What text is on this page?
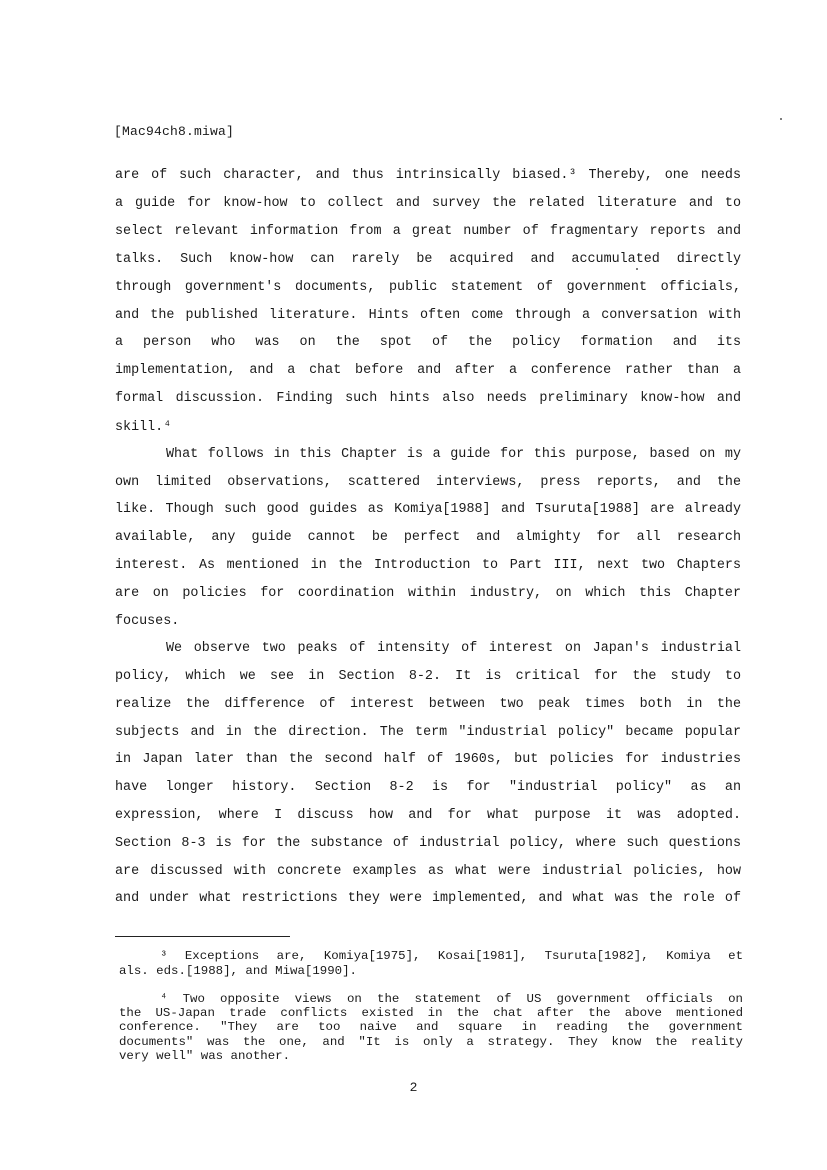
[Mac94ch8.miwa]
are of such character, and thus intrinsically biased.³ Thereby, one needs
a guide for know-how to collect and survey the related literature and to
select relevant information from a great number of fragmentary reports and
talks. Such know-how can rarely be acquired and accumulated directly
through government's documents, public statement of government officials,
and the published literature. Hints often come through a conversation with
a person who was on the spot of the policy formation and its
implementation, and a chat before and after a conference rather than a
formal discussion. Finding such hints also needs preliminary know-how and
skill.⁴
What follows in this Chapter is a guide for this purpose, based on my
own limited observations, scattered interviews, press reports, and the
like. Though such good guides as Komiya[1988] and Tsuruta[1988] are already
available, any guide cannot be perfect and almighty for all research
interest. As mentioned in the Introduction to Part III, next two Chapters
are on policies for coordination within industry, on which this Chapter
focuses.
We observe two peaks of intensity of interest on Japan's industrial
policy, which we see in Section 8-2. It is critical for the study to
realize the difference of interest between two peak times both in the
subjects and in the direction. The term "industrial policy" became popular
in Japan later than the second half of 1960s, but policies for industries
have longer history. Section 8-2 is for "industrial policy" as an
expression, where I discuss how and for what purpose it was adopted.
Section 8-3 is for the substance of industrial policy, where such questions
are discussed with concrete examples as what were industrial policies, how
and under what restrictions they were implemented, and what was the role of
³ Exceptions are, Komiya[1975], Kosai[1981], Tsuruta[1982], Komiya et
als. eds.[1988], and Miwa[1990].
⁴ Two opposite views on the statement of US government officials on
the US-Japan trade conflicts existed in the chat after the above mentioned
conference. "They are too naive and square in reading the government
documents" was the one, and "It is only a strategy. They know the reality
very well" was another.
2
